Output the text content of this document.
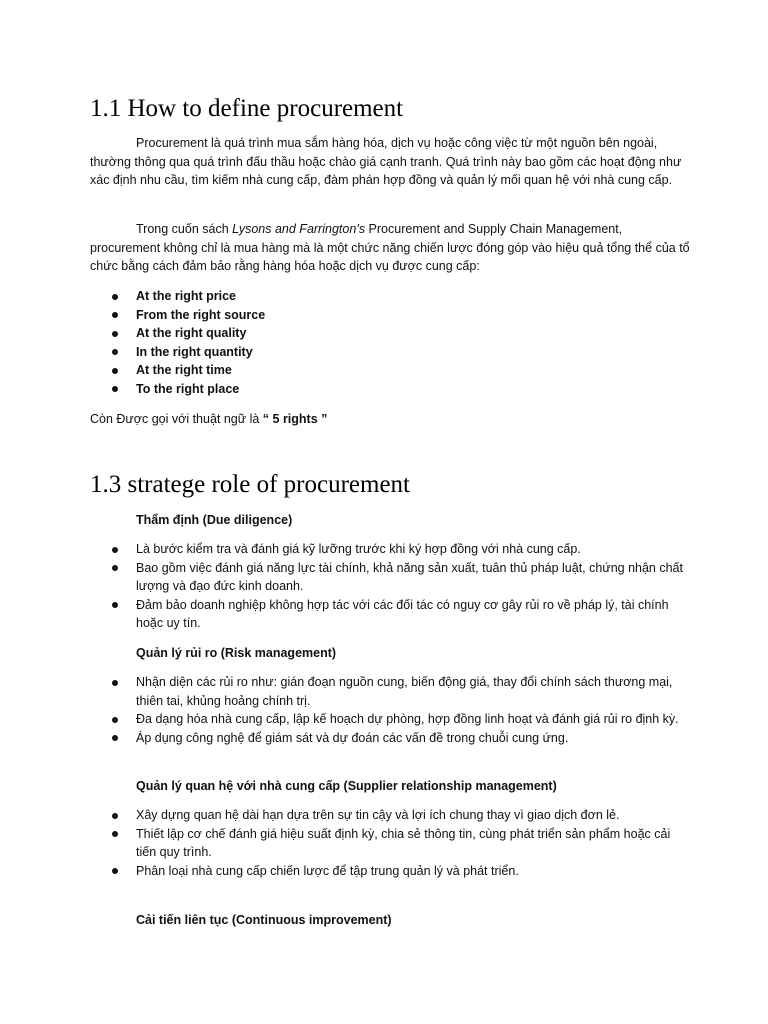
1.1 How to define procurement

Procurement là quá trình mua sắm hàng hóa, dịch vụ hoặc công việc từ một nguồn bên ngoài, thường thông qua quá trình đấu thầu hoặc chào giá cạnh tranh. Quá trình này bao gồm các hoạt động như xác định nhu cầu, tìm kiếm nhà cung cấp, đàm phán hợp đồng và quản lý mối quan hệ với nhà cung cấp.

Trong cuốn sách Lysons and Farrington’s Procurement and Supply Chain Management, procurement không chỉ là mua hàng mà là một chức năng chiến lược đóng góp vào hiệu quả tổng thể của tổ chức bằng cách đảm bảo rằng hàng hóa hoặc dịch vụ được cung cấp:

At the right price
From the right source
At the right quality
In the right quantity
At the right time
To the right place

Còn Được gọi với thuật ngữ là “ 5 rights ”

1.3 stratege role of procurement

Thẩm định (Due diligence)

Là bước kiểm tra và đánh giá kỹ lưỡng trước khi ký hợp đồng với nhà cung cấp.
Bao gồm việc đánh giá năng lực tài chính, khả năng sản xuất, tuân thủ pháp luật, chứng nhận chất lượng và đạo đức kinh doanh.
Đảm bảo doanh nghiệp không hợp tác với các đối tác có nguy cơ gây rủi ro về pháp lý, tài chính hoặc uy tín.

Quản lý rủi ro (Risk management)

Nhận diện các rủi ro như: gián đoạn nguồn cung, biến động giá, thay đổi chính sách thương mại, thiên tai, khủng hoảng chính trị.
Đa dạng hóa nhà cung cấp, lập kế hoạch dự phòng, hợp đồng linh hoạt và đánh giá rủi ro định kỳ.
Áp dụng công nghệ để giám sát và dự đoán các vấn đề trong chuỗi cung ứng.

Quản lý quan hệ với nhà cung cấp (Supplier relationship management)

Xây dựng quan hệ dài hạn dựa trên sự tin cậy và lợi ích chung thay vì giao dịch đơn lẻ.
Thiết lập cơ chế đánh giá hiệu suất định kỳ, chia sẻ thông tin, cùng phát triển sản phẩm hoặc cải tiến quy trình.
Phân loại nhà cung cấp chiến lược để tập trung quản lý và phát triển.

Cải tiến liên tục (Continuous improvement)
